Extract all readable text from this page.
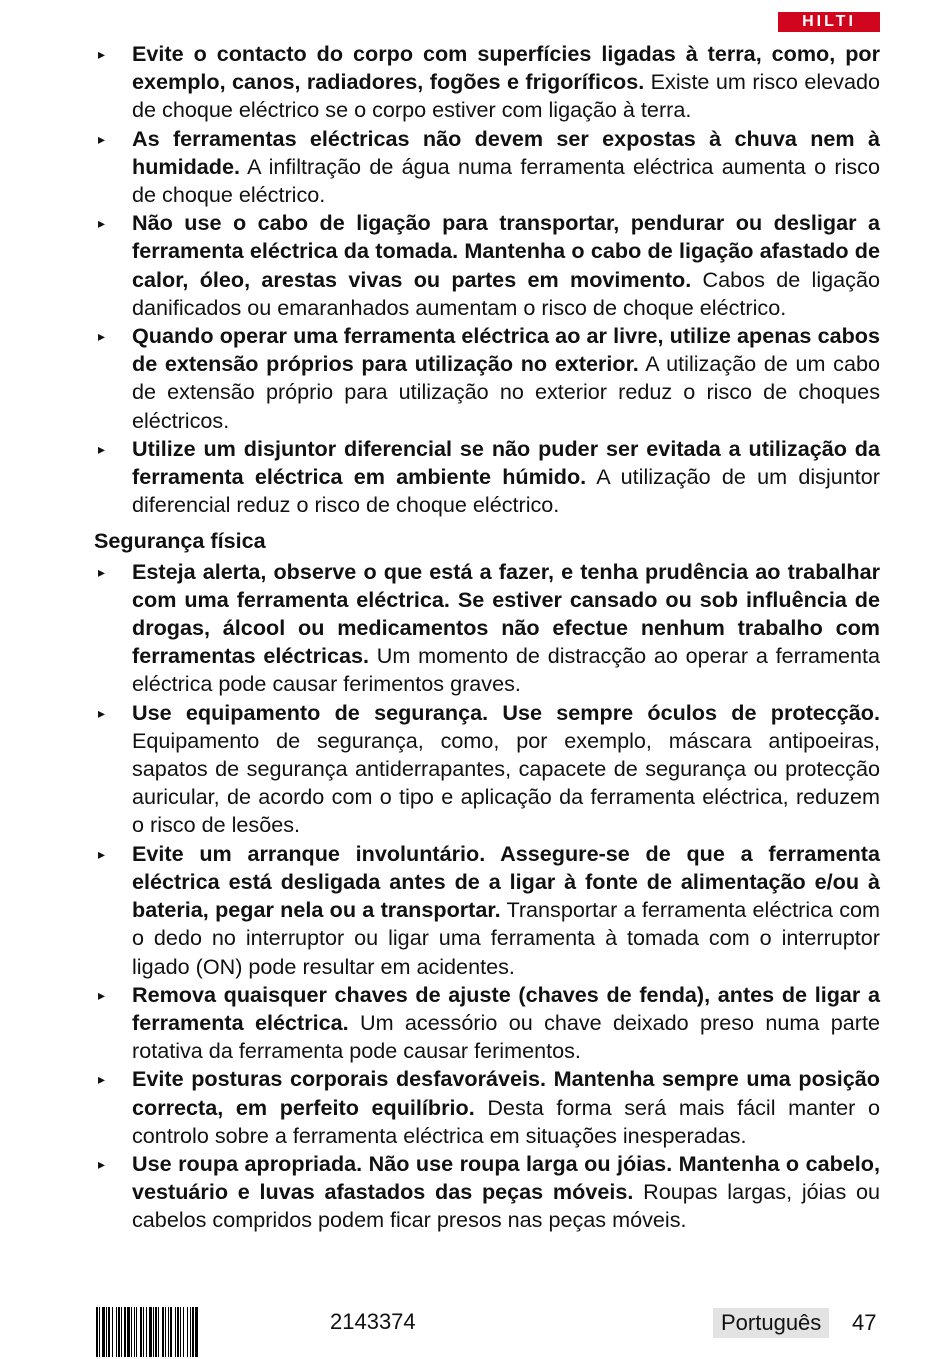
HILTI
▸ Evite o contacto do corpo com superfícies ligadas à terra, como, por exemplo, canos, radiadores, fogões e frigoríficos. Existe um risco elevado de choque eléctrico se o corpo estiver com ligação à terra.
▸ As ferramentas eléctricas não devem ser expostas à chuva nem à humidade. A infiltração de água numa ferramenta eléctrica aumenta o risco de choque eléctrico.
▸ Não use o cabo de ligação para transportar, pendurar ou desligar a ferramenta eléctrica da tomada. Mantenha o cabo de ligação afastado de calor, óleo, arestas vivas ou partes em movimento. Cabos de ligação danificados ou emaranhados aumentam o risco de choque eléctrico.
▸ Quando operar uma ferramenta eléctrica ao ar livre, utilize apenas cabos de extensão próprios para utilização no exterior. A utilização de um cabo de extensão próprio para utilização no exterior reduz o risco de choques eléctricos.
▸ Utilize um disjuntor diferencial se não puder ser evitada a utilização da ferramenta eléctrica em ambiente húmido. A utilização de um disjuntor diferencial reduz o risco de choque eléctrico.
Segurança física
▸ Esteja alerta, observe o que está a fazer, e tenha prudência ao trabalhar com uma ferramenta eléctrica. Se estiver cansado ou sob influência de drogas, álcool ou medicamentos não efectue nenhum trabalho com ferramentas eléctricas. Um momento de distracção ao operar a ferramenta eléctrica pode causar ferimentos graves.
▸ Use equipamento de segurança. Use sempre óculos de protecção. Equipamento de segurança, como, por exemplo, máscara antipoeiras, sapatos de segurança antiderrapantes, capacete de segurança ou protecção auricular, de acordo com o tipo e aplicação da ferramenta eléctrica, reduzem o risco de lesões.
▸ Evite um arranque involuntário. Assegure-se de que a ferramenta eléctrica está desligada antes de a ligar à fonte de alimentação e/ou à bateria, pegar nela ou a transportar. Transportar a ferramenta eléctrica com o dedo no interruptor ou ligar uma ferramenta à tomada com o interruptor ligado (ON) pode resultar em acidentes.
▸ Remova quaisquer chaves de ajuste (chaves de fenda), antes de ligar a ferramenta eléctrica. Um acessório ou chave deixado preso numa parte rotativa da ferramenta pode causar ferimentos.
▸ Evite posturas corporais desfavoráveis. Mantenha sempre uma posição correcta, em perfeito equilíbrio. Desta forma será mais fácil manter o controlo sobre a ferramenta eléctrica em situações inesperadas.
▸ Use roupa apropriada. Não use roupa larga ou jóias. Mantenha o cabelo, vestuário e luvas afastados das peças móveis. Roupas largas, jóias ou cabelos compridos podem ficar presos nas peças móveis.
2143374	Português	47
